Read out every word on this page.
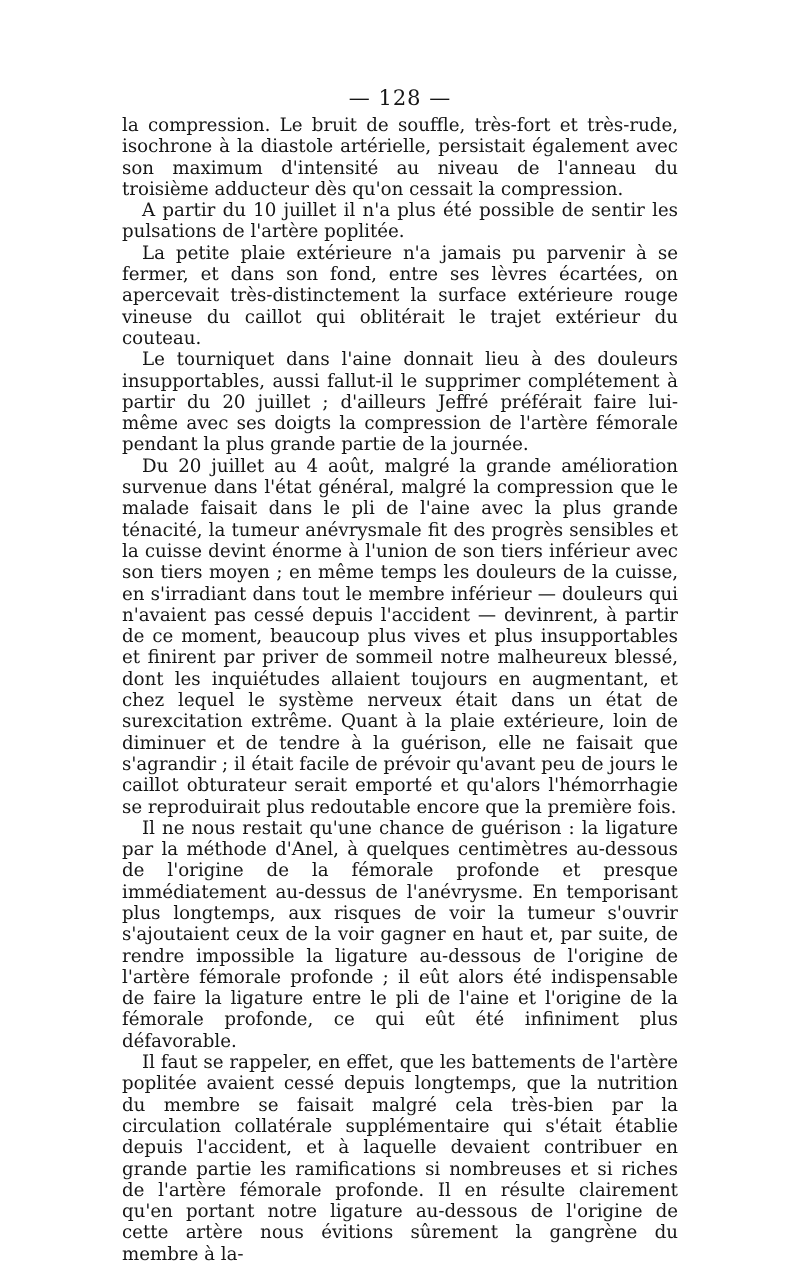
— 128 —

la compression. Le bruit de souffle, très-fort et très-rude, isochrone à la diastole artérielle, persistait également avec son maximum d'intensité au niveau de l'anneau du troisième adducteur dès qu'on cessait la compression.

A partir du 10 juillet il n'a plus été possible de sentir les pulsations de l'artère poplitée.

La petite plaie extérieure n'a jamais pu parvenir à se fermer, et dans son fond, entre ses lèvres écartées, on apercevait très-distinctement la surface extérieure rouge vineuse du caillot qui oblitérait le trajet extérieur du couteau.

Le tourniquet dans l'aine donnait lieu à des douleurs insupportables, aussi fallut-il le supprimer complétement à partir du 20 juillet ; d'ailleurs Jeffré préférait faire lui-même avec ses doigts la compression de l'artère fémorale pendant la plus grande partie de la journée.

Du 20 juillet au 4 août, malgré la grande amélioration survenue dans l'état général, malgré la compression que le malade faisait dans le pli de l'aine avec la plus grande ténacité, la tumeur anévrysmale fit des progrès sensibles et la cuisse devint énorme à l'union de son tiers inférieur avec son tiers moyen ; en même temps les douleurs de la cuisse, en s'irradiant dans tout le membre inférieur — douleurs qui n'avaient pas cessé depuis l'accident — devinrent, à partir de ce moment, beaucoup plus vives et plus insupportables et finirent par priver de sommeil notre malheureux blessé, dont les inquiétudes allaient toujours en augmentant, et chez lequel le système nerveux était dans un état de surexcitation extrême. Quant à la plaie extérieure, loin de diminuer et de tendre à la guérison, elle ne faisait que s'agrandir ; il était facile de prévoir qu'avant peu de jours le caillot obturateur serait emporté et qu'alors l'hémorrhagie se reproduirait plus redoutable encore que la première fois.

Il ne nous restait qu'une chance de guérison : la ligature par la méthode d'Anel, à quelques centimètres au-dessous de l'origine de la fémorale profonde et presque immédiatement au-dessus de l'anévrysme. En temporisant plus longtemps, aux risques de voir la tumeur s'ouvrir s'ajoutaient ceux de la voir gagner en haut et, par suite, de rendre impossible la ligature au-dessous de l'origine de l'artère fémorale profonde ; il eût alors été indispensable de faire la ligature entre le pli de l'aine et l'origine de la fémorale profonde, ce qui eût été infiniment plus défavorable.

Il faut se rappeler, en effet, que les battements de l'artère poplitée avaient cessé depuis longtemps, que la nutrition du membre se faisait malgré cela très-bien par la circulation collatérale supplémentaire qui s'était établie depuis l'accident, et à laquelle devaient contribuer en grande partie les ramifications si nombreuses et si riches de l'artère fémorale profonde. Il en résulte clairement qu'en portant notre ligature au-dessous de l'origine de cette artère nous évitions sûrement la gangrène du membre à la-
